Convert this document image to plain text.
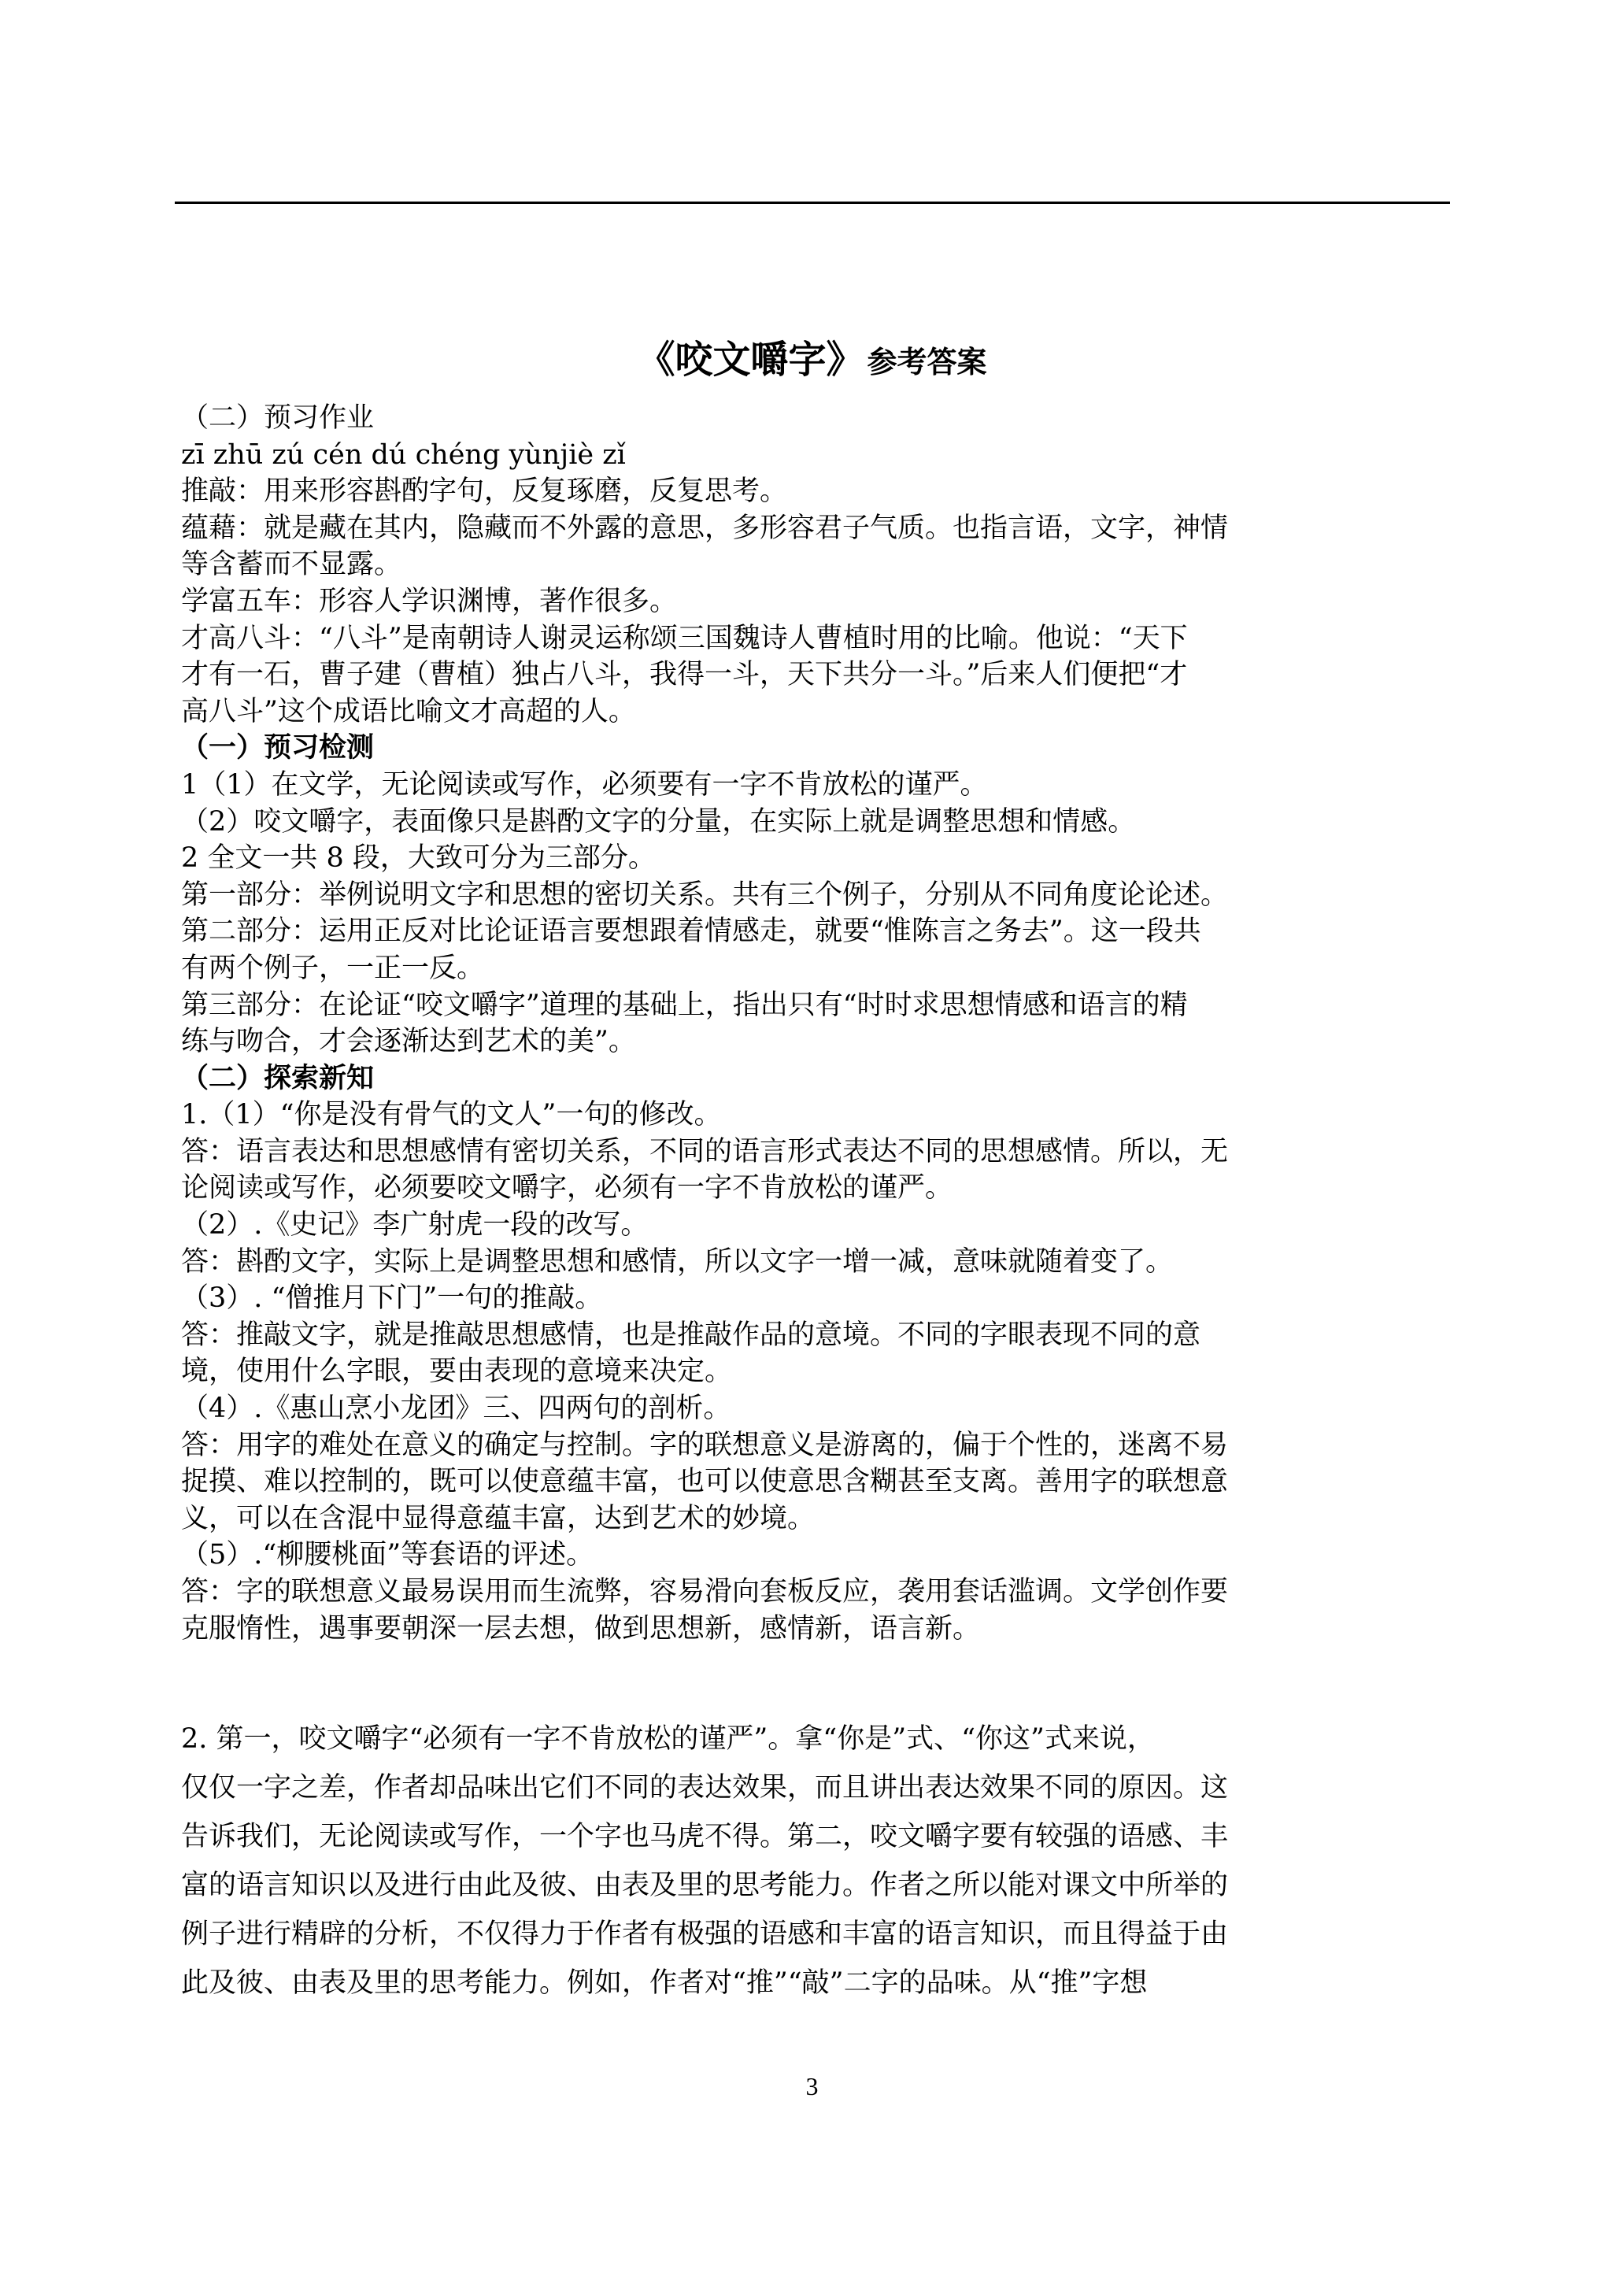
《咬文嚼字》 参考答案
（二）预习作业
zī zhū zú cén dú chéng yùnjiè zǐ
推敲：用来形容斟酌字句，反复琢磨，反复思考。
蕴藉：就是藏在其内，隐藏而不外露的意思，多形容君子气质。也指言语，文字，神情
等含蓄而不显露。
学富五车：形容人学识渊博，著作很多。
才高八斗：“八斗”是南朝诗人谢灵运称颂三国魏诗人曹植时用的比喻。他说：“天下
才有一石，曹子建（曹植）独占八斗，我得一斗，天下共分一斗。”后来人们便把“才
高八斗”这个成语比喻文才高超的人。
（一）预习检测
1（1）在文学，无论阅读或写作，必须要有一字不肯放松的谨严。
（2）咬文嚼字，表面像只是斟酌文字的分量，在实际上就是调整思想和情感。
2 全文一共 8 段，大致可分为三部分。
第一部分：举例说明文字和思想的密切关系。共有三个例子，分别从不同角度论论述。
第二部分：运用正反对比论证语言要想跟着情感走，就要“惟陈言之务去”。这一段共
有两个例子，一正一反。
第三部分：在论证“咬文嚼字”道理的基础上，指出只有“时时求思想情感和语言的精
练与吻合，才会逐渐达到艺术的美”。
（二）探索新知
1.（1）“你是没有骨气的文人”一句的修改。
答：语言表达和思想感情有密切关系，不同的语言形式表达不同的思想感情。所以，无
论阅读或写作，必须要咬文嚼字，必须有一字不肯放松的谨严。
（2）.《史记》李广射虎一段的改写。
答：斟酌文字，实际上是调整思想和感情，所以文字一增一减，意味就随着变了。
（3）. “僧推月下门”一句的推敲。
答：推敲文字，就是推敲思想感情，也是推敲作品的意境。不同的字眼表现不同的意
境，使用什么字眼，要由表现的意境来决定。
（4）.《惠山烹小龙团》三、四两句的剖析。
答：用字的难处在意义的确定与控制。字的联想意义是游离的，偏于个性的，迷离不易
捉摸、难以控制的，既可以使意蕴丰富，也可以使意思含糊甚至支离。善用字的联想意
义，可以在含混中显得意蕴丰富，达到艺术的妙境。
（5）.“柳腰桃面”等套语的评述。
答：字的联想意义最易误用而生流弊，容易滑向套板反应，袭用套话滥调。文学创作要
克服惰性，遇事要朝深一层去想，做到思想新，感情新，语言新。
2. 第一，咬文嚼字“必须有一字不肯放松的谨严”。拿“你是”式、“你这”式来说，
仅仅一字之差，作者却品味出它们不同的表达效果，而且讲出表达效果不同的原因。这
告诉我们，无论阅读或写作，一个字也马虎不得。第二，咬文嚼字要有较强的语感、丰
富的语言知识以及进行由此及彼、由表及里的思考能力。作者之所以能对课文中所举的
例子进行精辟的分析，不仅得力于作者有极强的语感和丰富的语言知识，而且得益于由
此及彼、由表及里的思考能力。例如，作者对“推”“敲”二字的品味。从“推”字想
3
